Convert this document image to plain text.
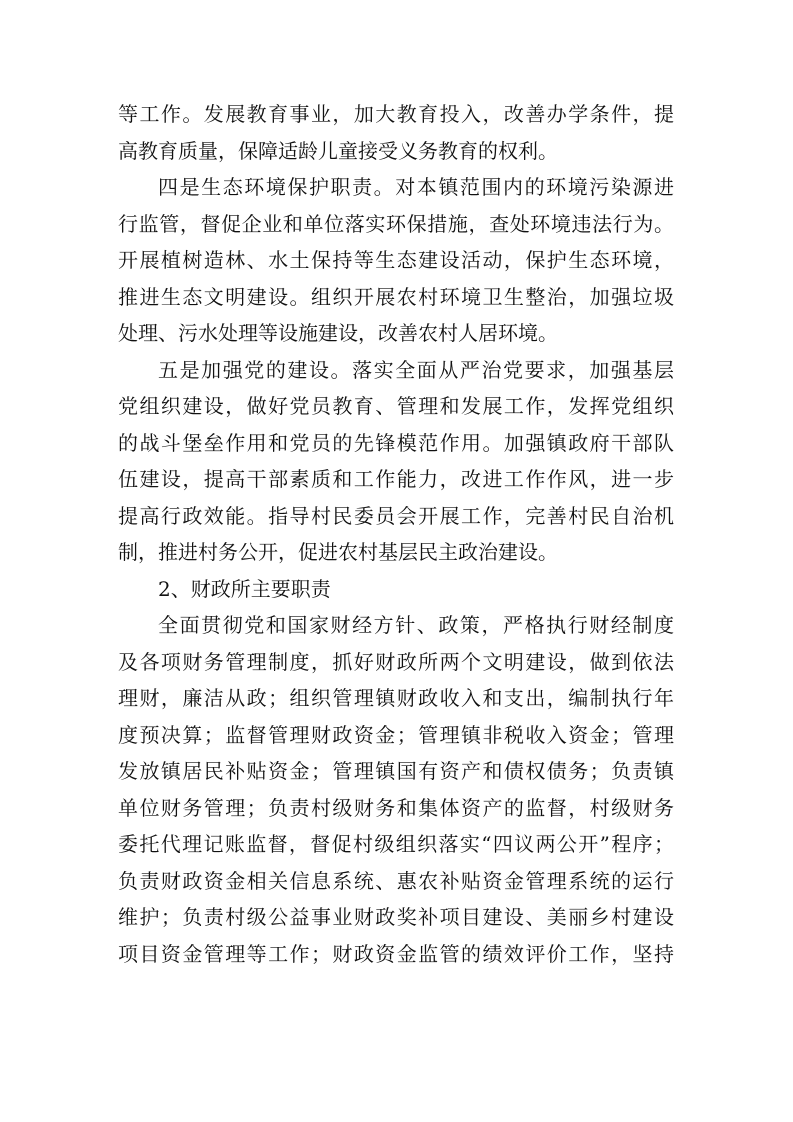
等工作。发展教育事业，加大教育投入，改善办学条件，提
高教育质量，保障适龄儿童接受义务教育的权利。
四是生态环境保护职责。对本镇范围内的环境污染源进
行监管，督促企业和单位落实环保措施，查处环境违法行为。
开展植树造林、水土保持等生态建设活动，保护生态环境，
推进生态文明建设。组织开展农村环境卫生整治，加强垃圾
处理、污水处理等设施建设，改善农村人居环境。
五是加强党的建设。落实全面从严治党要求，加强基层
党组织建设，做好党员教育、管理和发展工作，发挥党组织
的战斗堡垒作用和党员的先锋模范作用。加强镇政府干部队
伍建设，提高干部素质和工作能力，改进工作作风，进一步
提高行政效能。指导村民委员会开展工作，完善村民自治机
制，推进村务公开，促进农村基层民主政治建设。
2、财政所主要职责
全面贯彻党和国家财经方针、政策，严格执行财经制度
及各项财务管理制度，抓好财政所两个文明建设，做到依法
理财，廉洁从政；组织管理镇财政收入和支出，编制执行年
度预决算；监督管理财政资金；管理镇非税收入资金；管理
发放镇居民补贴资金；管理镇国有资产和债权债务；负责镇
单位财务管理；负责村级财务和集体资产的监督，村级财务
委托代理记账监督，督促村级组织落实“四议两公开”程序；
负责财政资金相关信息系统、惠农补贴资金管理系统的运行
维护；负责村级公益事业财政奖补项目建设、美丽乡村建设
项目资金管理等工作；财政资金监管的绩效评价工作，坚持
